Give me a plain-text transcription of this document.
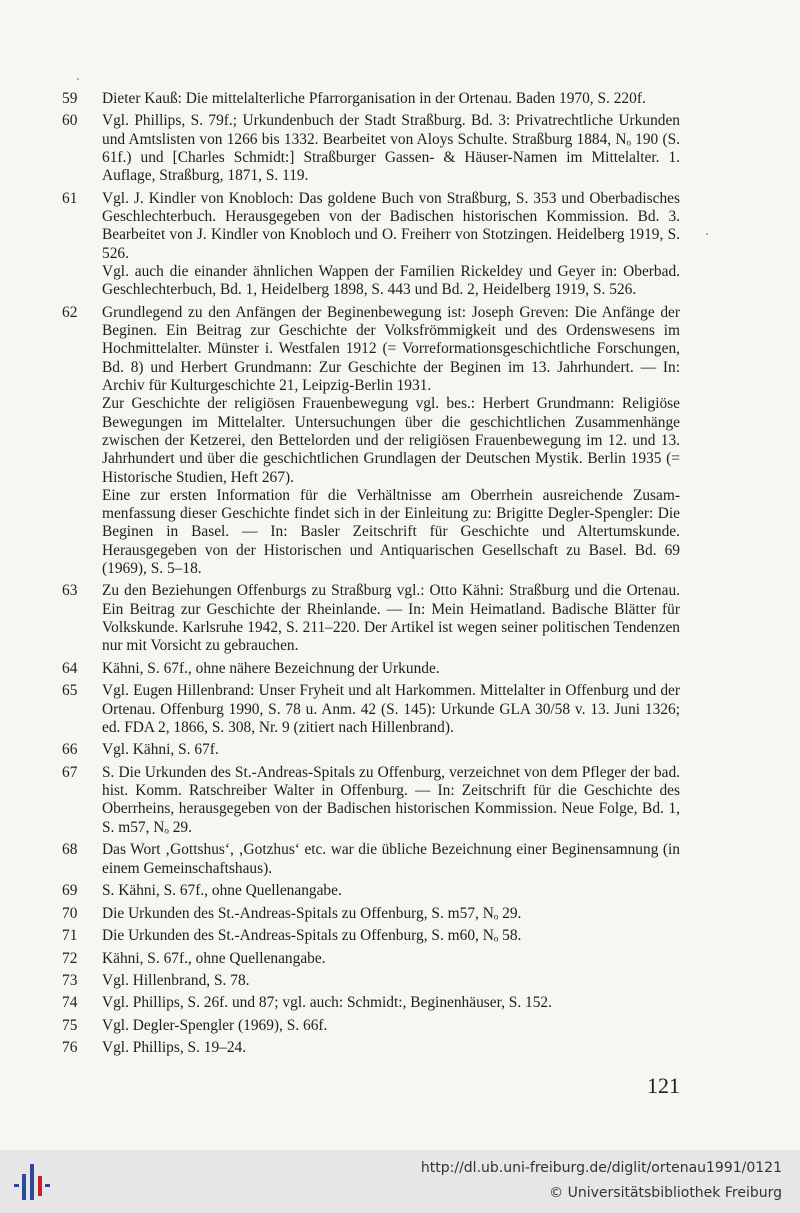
59	Dieter Kauß: Die mittelalterliche Pfarrorganisation in der Ortenau. Baden 1970, S. 220f.

60	Vgl. Phillips, S. 79f.; Urkundenbuch der Stadt Straßburg. Bd. 3: Privatrechtliche Urkunden und Amtslisten von 1266 bis 1332. Bearbeitet von Aloys Schulte. Straßburg 1884, Nₒ 190 (S. 61f.) und [Charles Schmidt:] Straßburger Gassen- & Häuser-Namen im Mittelalter. 1. Auflage, Straßburg, 1871, S. 119.

61	Vgl. J. Kindler von Knobloch: Das goldene Buch von Straßburg, S. 353 und Oberbadisches Geschlechterbuch. Herausgegeben von der Badischen historischen Kommission. Bd. 3. Bearbeitet von J. Kindler von Knobloch und O. Freiherr von Stotzingen. Heidelberg 1919, S. 526.

Vgl. auch die einander ähnlichen Wappen der Familien Rickeldey und Geyer in: Oberbad. Geschlechterbuch, Bd. 1, Heidelberg 1898, S. 443 und Bd. 2, Heidelberg 1919, S. 526.

62	Grundlegend zu den Anfängen der Beginenbewegung ist: Joseph Greven: Die Anfänge der Beginen. Ein Beitrag zur Geschichte der Volksfrömmigkeit und des Ordenswesens im Hochmittelalter. Münster i. Westfalen 1912 (= Vorreformationsgeschichtliche Forschungen, Bd. 8) und Herbert Grundmann: Zur Geschichte der Beginen im 13. Jahrhundert. — In: Archiv für Kulturgeschichte 21, Leipzig-Berlin 1931.

Zur Geschichte der religiösen Frauenbewegung vgl. bes.: Herbert Grundmann: Religiöse Bewegungen im Mittelalter. Untersuchungen über die geschichtlichen Zusammenhänge zwischen der Ketzerei, den Bettelorden und der religiösen Frauenbewegung im 12. und 13. Jahrhundert und über die geschichtlichen Grundlagen der Deutschen Mystik. Berlin 1935 (= Historische Studien, Heft 267).

Eine zur ersten Information für die Verhältnisse am Oberrhein ausreichende Zusammenfassung dieser Geschichte findet sich in der Einleitung zu: Brigitte Degler-Spengler: Die Beginen in Basel. — In: Basler Zeitschrift für Geschichte und Altertumskunde. Herausgegeben von der Historischen und Antiquarischen Gesellschaft zu Basel. Bd. 69 (1969), S. 5–18.

63	Zu den Beziehungen Offenburgs zu Straßburg vgl.: Otto Kähni: Straßburg und die Ortenau. Ein Beitrag zur Geschichte der Rheinlande. — In: Mein Heimatland. Badische Blätter für Volkskunde. Karlsruhe 1942, S. 211–220. Der Artikel ist wegen seiner politischen Tendenzen nur mit Vorsicht zu gebrauchen.

64	Kähni, S. 67f., ohne nähere Bezeichnung der Urkunde.

65	Vgl. Eugen Hillenbrand: Unser Fryheit und alt Harkommen. Mittelalter in Offenburg und der Ortenau. Offenburg 1990, S. 78 u. Anm. 42 (S. 145): Urkunde GLA 30/58 v. 13. Juni 1326; ed. FDA 2, 1866, S. 308, Nr. 9 (zitiert nach Hillenbrand).

66	Vgl. Kähni, S. 67f.

67	S. Die Urkunden des St.-Andreas-Spitals zu Offenburg, verzeichnet von dem Pfleger der bad. hist. Komm. Ratschreiber Walter in Offenburg. — In: Zeitschrift für die Geschichte des Oberrheins, herausgegeben von der Badischen historischen Kommission. Neue Folge, Bd. 1, S. m57, Nₒ 29.

68	Das Wort ‚Gottshus‘, ‚Gotzhus‘ etc. war die übliche Bezeichnung einer Beginensamnung (in einem Gemeinschaftshaus).

69	S. Kähni, S. 67f., ohne Quellenangabe.

70	Die Urkunden des St.-Andreas-Spitals zu Offenburg, S. m57, Nₒ 29.

71	Die Urkunden des St.-Andreas-Spitals zu Offenburg, S. m60, Nₒ 58.

72	Kähni, S. 67f., ohne Quellenangabe.

73	Vgl. Hillenbrand, S. 78.

74	Vgl. Phillips, S. 26f. und 87; vgl. auch: Schmidt:, Beginenhäuser, S. 152.

75	Vgl. Degler-Spengler (1969), S. 66f.

76	Vgl. Phillips, S. 19–24.

121
http://dl.ub.uni-freiburg.de/diglit/ortenau1991/0121
© Universitätsbibliothek Freiburg
